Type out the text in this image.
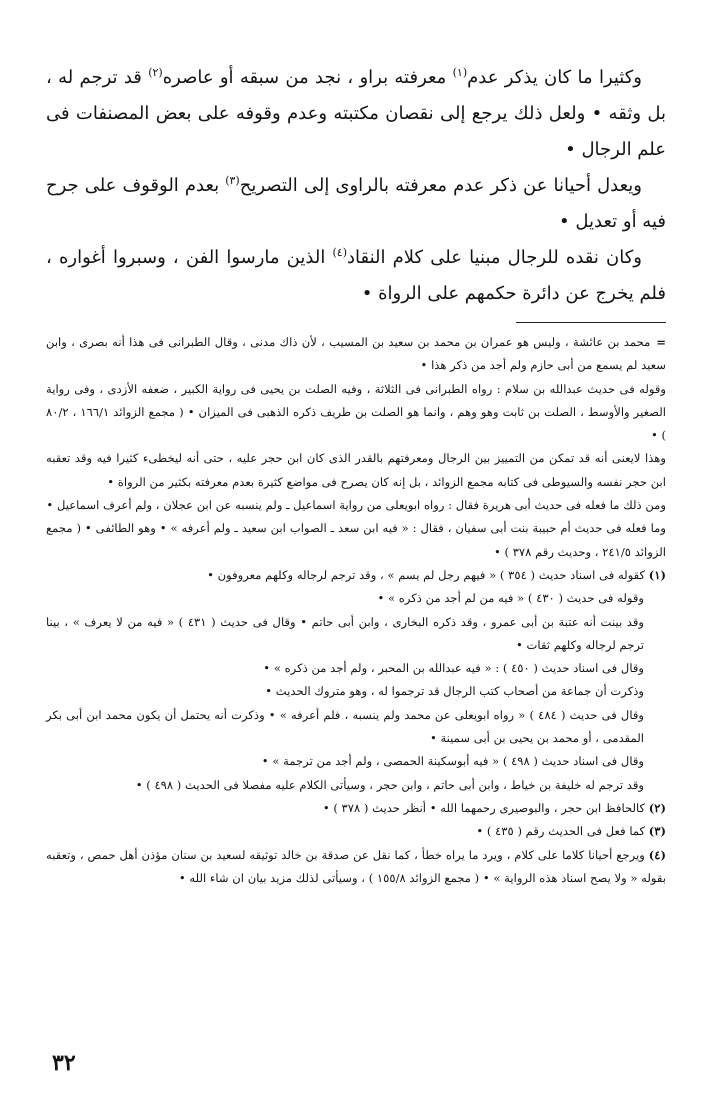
وكثيرا ما كان يذكر عدم$^{(١)}$ معرفته براو ، نجد من سبقه أو عاصره$^{(٢)}$ قد ترجم له ، بل وثقه • ولعل ذلك يرجع إلى نقصان مكتبته وعدم وقوفه على بعض المصنفات فى علم الرجال •

ويعدل أحيانا عن ذكر عدم معرفته بالراوى إلى التصريح$^{(٣)}$ بعدم الوقوف على جرح فيه أو تعديل •

وكان نقده للرجال مبنيا على كلام النقاد$^{(٤)}$ الذين مارسوا الفن ، وسبروا أغواره ، فلم يخرج عن دائرة حكمهم على الرواة •

=محمد بن عائشة ، وليس هو عمران بن محمد بن سعيد بن المسيب ، لأن ذاك مدنى ، وقال الطبرانى فى هذا أنه بصرى ، وابن سعيد لم يسمع من أبى حازم ولم أجد من ذكر هذا •

وقوله فى حديث عبدالله بن سلام : رواه الطبرانى فى الثلاثة ، وفيه الصلت بن يحيى فى رواية الكبير ، ضعفه الأزدى ، وفى رواية الصغير والأوسط ، الصلت بن ثابت وهو وهم ، وانما هو الصلت بن طريف ذكره الذهبى فى الميزان • ( مجمع الزوائد ١٦٦/١ ، ٨٠/٢ ) •

وهذا لايعنى أنه قد تمكن من التمييز بين الرجال ومعرفتهم بالقدر الذى كان ابن حجر عليه ، حتى أنه ليخطىء كثيرا فيه وقد تعقبه ابن حجر نفسه والسيوطى فى كتابه مجمع الزوائد ، بل إنه كان يصرح فى مواضع كثيرة بعدم معرفته بكثير من الرواة •

ومن ذلك ما فعله فى حديث أبى هريرة فقال : رواه ابويعلى من رواية اسماعيل ـ ولم ينسبه عن ابن عجلان ، ولم أعرف اسماعيل •

وما فعله فى حديث أم حبيبة بنت أبى سفيان ، فقال : « فيه ابن سعد ـ الصواب ابن سعيد ـ ولم أعرفه » • وهو الطائفى • ( مجمع الزوائد ٢٤١/٥ ، وحديث رقم ٣٧٨ ) •

(١) كقوله فى اسناد حديث ( ٣٥٤ ) « فيهم رجل لم يسم » ، وقد ترجم لرجاله وكلهم معروفون •

وقوله فى حديث ( ٤٣٠ ) « فيه من لم أجد من ذكره » •

وقد بينت أنه عتبة بن أبى عمرو ، وقد ذكره البخارى ، وابن أبى حاتم • وقال فى حديث ( ٤٣١ ) « فيه من لا يعرف » ، بينا ترجم لرجاله وكلهم ثقات •

وقال فى اسناد حديث ( ٤٥٠ ) : « فيه عبدالله بن المحبر ، ولم أجد من ذكره » •

وذكرت أن جماعة من أصحاب كتب الرجال قد ترجموا له ، وهو متروك الحديث •

وقال فى حديث ( ٤٨٤ ) « رواه ابويعلى عن محمد ولم ينسبه ، فلم أعرفه » • وذكرت أنه يحتمل أن يكون محمد ابن أبى بكر المقدمى ، أو محمد بن يحيى بن أبى سمينة •

وقال فى اسناد حديث ( ٤٩٨ ) « فيه أبوسكينة الحمصى ، ولم أجد من ترجمة » •

وقد ترجم له خليفة بن خياط ، وابن أبى حاتم ، وابن حجر ، وسيأتى الكلام عليه مفصلا فى الحديث ( ٤٩٨ ) •

(٢) كالحافظ ابن حجر ، والبوصيرى رحمهما الله • أنظر حديث ( ٣٧٨ ) •

(٣) كما فعل فى الحديث رقم ( ٤٣٥ ) •

(٤) ويرجع أحيانا كلاما على كلام ، ويرد ما يراه خطأ ، كما نقل عن صدقة بن خالد توثيقه لسعيد بن سنان مؤذن أهل حمص ، وتعقبه بقوله « ولا يصح اسناد هذه الرواية » • ( مجمع الزوائد ١٥٥/٨ ) ، وسيأتى لذلك مزيد بيان ان شاء الله •

٣٢
